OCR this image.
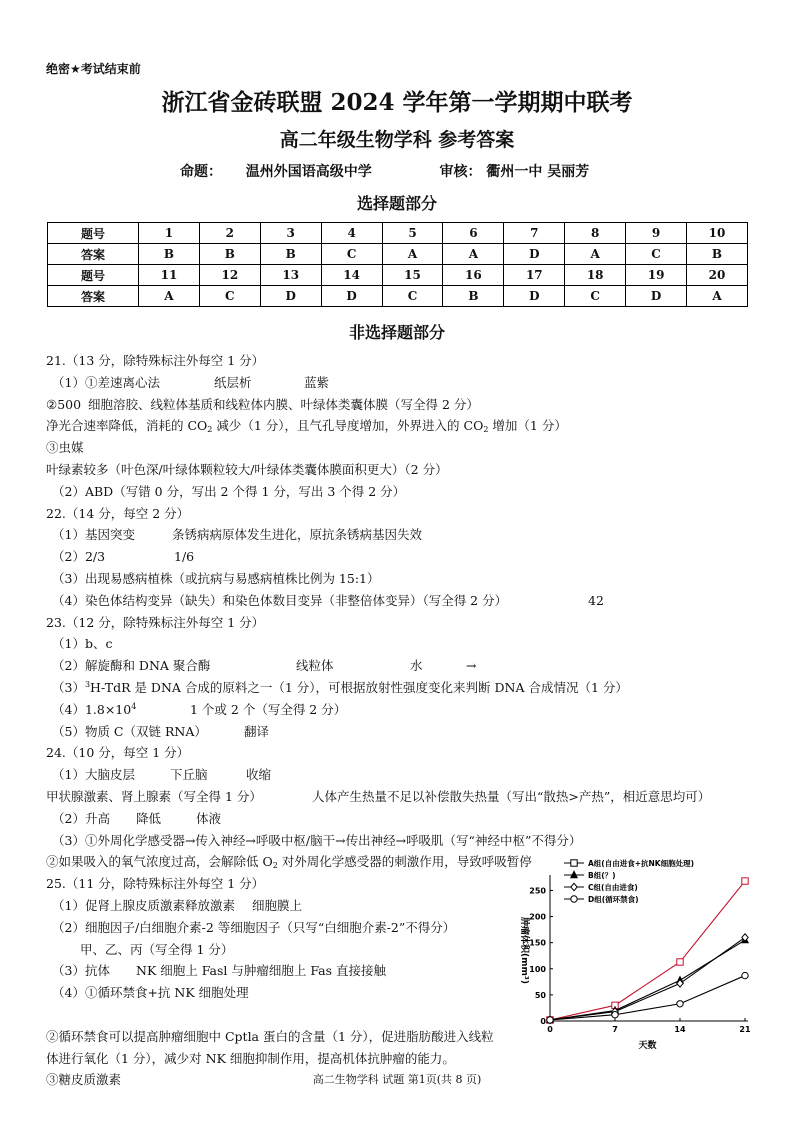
绝密★考试结束前
浙江省金砖联盟 2024 学年第一学期期中联考
高二年级生物学科 参考答案
命题： 温州外国语高级中学	审核： 衢州一中 吴丽芳
选择题部分
题号	1	2	3	4	5	6	7	8	9	10
答案	B	B	B	C	A	A	D	A	C	B
题号	11	12	13	14	15	16	17	18	19	20
答案	A	C	D	D	C	B	D	C	D	A
非选择题部分
21.（13 分，除特殊标注外每空 1 分）
（1）①差速离心法	纸层析	蓝紫
②500 细胞溶胶、线粒体基质和线粒体内膜、叶绿体类囊体膜（写全得 2 分）
净光合速率降低，消耗的 $CO_2$ 减少（1 分），且气孔导度增加，外界进入的 $CO_2$ 增加（1 分）
③虫媒
叶绿素较多（叶色深/叶绿体颗粒较大/叶绿体类囊体膜面积更大）（2 分）
（2）ABD（写错 0 分，写出 2 个得 1 分，写出 3 个得 2 分）
22.（14 分，每空 2 分）
（1）基因突变	条锈病病原体发生进化，原抗条锈病基因失效
（2）2/3	1/6
（3）出现易感病植株（或抗病与易感病植株比例为 15:1）
（4）染色体结构变异（缺失）和染色体数目变异（非整倍体变异）（写全得 2 分）	42
23.（12 分，除特殊标注外每空 1 分）
（1）b、c
（2）解旋酶和 DNA 聚合酶	线粒体	水	→
$(3)^3H$-TdR 是 DNA 合成的原料之一（1 分），可根据放射性强度变化来判断 DNA 合成情况（1 分）
$(4)1.8\times 10^4$	1 个或 2 个（写全得 2 分）
（5）物质 C（双链 RNA）	翻译
24.（10 分，每空 1 分）
（1）大脑皮层	下丘脑	收缩
甲状腺激素、肾上腺素（写全得 1 分）	人体产生热量不足以补偿散失热量（写出“散热>产热”，相近意思均可）
（2）升高 降低	体液
（3）①外周化学感受器→传入神经→呼吸中枢/脑干→传出神经→呼吸肌（写“神经中枢”不得分）
②如果吸入的氧气浓度过高，会解除低 $O_2$ 对外周化学感受器的刺激作用，导致呼吸暂停
25.（11 分，除特殊标注外每空 1 分）
（1）促肾上腺皮质激素释放激素 细胞膜上
（2）细胞因子/白细胞介素-2 等细胞因子（只写“白细胞介素-2”不得分）
甲、乙、丙（写全得 1 分）
（3）抗体 NK 细胞上 Fasl 与肿瘤细胞上 Fas 直接接触
（4）①循环禁食+抗 NK 细胞处理
②循环禁食可以提高肿瘤细胞中 Cptla 蛋白的含量（1 分），促进脂肪酸进入线粒
体进行氧化（1 分），减少对 NK 细胞抑制作用，提高机体抗肿瘤的能力。
③糖皮质激素
A组(自由进食+抗NK细胞处理)
B组(？)
C组(自由进食)
D组(循环禁食)
0
50
100
150
200
250
0	7	14	21
天数
肿瘤体积(mm³)
高二生物学科 试题 第1页(共 8 页)
